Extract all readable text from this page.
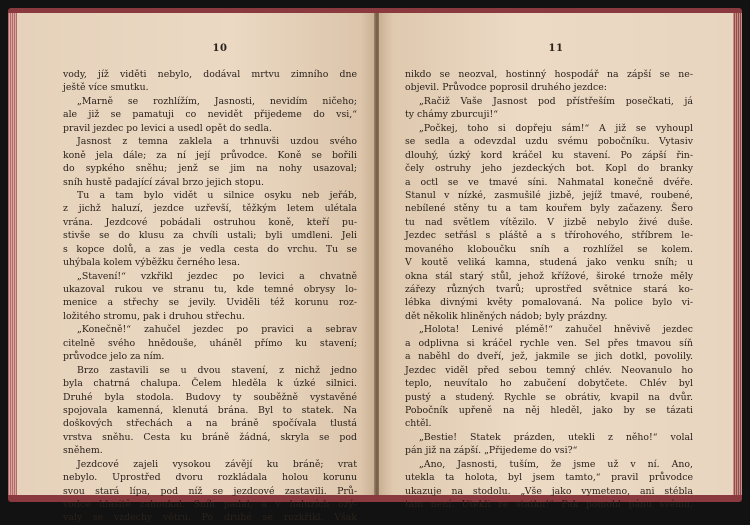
10
vody, jíž viděti nebylo, dodával mrtvu zimního dne
ještě více smutku.
„Marně se rozhlížím, Jasnosti, nevidím ničeho;
ale již se pamatuji co nevidět přijedeme do vsi,“
pravil jezdec po levici a usedl opět do sedla.
Jasnost z temna zaklela a trhnuvši uzdou svého
koně jela dále; za ní její průvodce. Koně se bořili
do sypkého sněhu; jenž se jim na nohy usazoval;
sníh hustě padající zával brzo jejich stopu.
Tu a tam bylo vidět u silnice osyku neb jeřáb,
z jichž haluzí, jezdce uzřevší, těžkým letem ulétala
vrána. Jezdcové pobádali ostruhou koně, kteří pu-
stivše se do klusu za chvíli ustali; byli umdleni. Jeli
s kopce dolů, a zas je vedla cesta do vrchu. Tu se
uhýbala kolem výběžku černého lesa.
„Stavení!“ vzkřikl jezdec po levici a chvatně
ukazoval rukou ve stranu tu, kde temné obrysy lo-
menice a střechy se jevily. Uviděli též korunu roz-
ložitého stromu, pak i druhou střechu.
„Konečně!“ zahučel jezdec po pravici a sebrav
citelně svého hnědouše, uháněl přímo ku stavení;
průvodce jelo za ním.
Brzo zastavili se u dvou stavení, z nichž jedno
byla chatrná chalupa. Čelem hleděla k úzké silnici.
Druhé byla stodola. Budovy ty souběžně vystavěné
spojovala kamenná, klenutá brána. Byl to statek. Na
doškových střechách a na bráně spočívala tlustá
vrstva sněhu. Cesta ku bráně žádná, skryla se pod
sněhem.
Jezdcové zajeli vysokou závějí ku bráně; vrat
nebylo. Uprostřed dvoru rozkládala holou korunu
svou stará lípa, pod níž se jezdcové zastavili. Prů-
vodce hlasitě zahoukal. Sníh padal, a v haluzích ozý-
valy se vzdechy větru. Po druhé se rozkřikl. Však
11
nikdo se neozval, hostinný hospodář na zápší se ne-
objevil. Průvodce poprosil druhého jezdce:
„Račiž Vaše Jasnost pod přístřeším posečkati, já
ty chámy zburcuji!“
„Počkej, toho si dopřeju sám!“ A již se vyhoupl
se sedla a odevzdal uzdu svému pobočníku. Vytasiv
dlouhý, úzký kord kráčel ku stavení. Po zápší řin-
čely ostruhy jeho jezdeckých bot. Kopl do branky
a octl se ve tmavé síni. Nahmatal konečně dvéře.
Stanul v nízké, zasmušilé jizbě, jejíž tmavé, roubené,
nebílené stěny tu a tam kouřem byly začazeny. Šero
tu nad světlem vítězilo. V jizbě nebylo živé duše.
Jezdec setřásl s pláště a s třírohového, stříbrem le-
movaného kloboučku sníh a rozhlížel se kolem.
V koutě veliká kamna, studená jako venku sníh; u
okna stál starý stůl, jehož křížové, široké trnože měly
zářezy různých tvarů; uprostřed světnice stará ko-
lébka divnými květy pomalovaná. Na police bylo vi-
dět několik hliněných nádob; byly prázdny.
„Holota! Lenivé plémě!“ zahučel hněvivě jezdec
a odplivna si kráčel rychle ven. Sel přes tmavou síň
a naběhl do dveří, jež, jakmile se jich dotkl, povolily.
Jezdec viděl před sebou temný chlév. Neovanulo ho
teplo, neuvítalo ho zabučení dobytčete. Chlév byl
pustý a studený. Rychle se obrátiv, kvapil na dvůr.
Pobočník upřeně na něj hleděl, jako by se tázati
chtěl.
„Bestie! Statek prázden, utekli z něho!“ volal
pán již na zápší. „Přijedeme do vsi?“
„Ano, Jasnosti, tuším, že jsme už v ní. Ano,
utekla ta holota, byl jsem tamto,“ pravil průvodce
ukazuje na stodolu. „Vše jako vymeteno, ani stébla
tam není. Utekli ze statku!“ Pak pomohl pánu svému,
